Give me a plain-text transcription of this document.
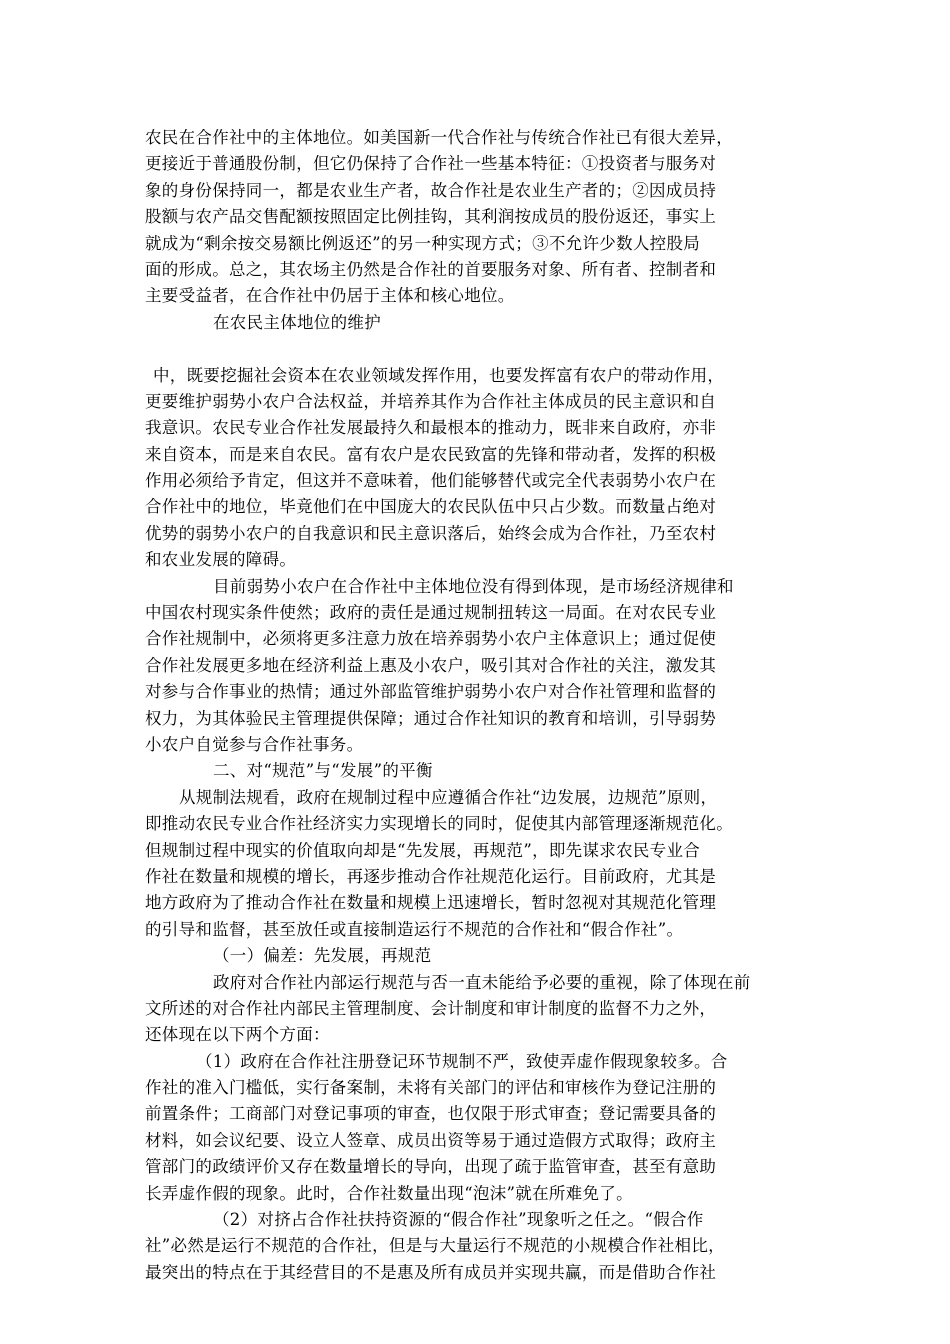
农民在合作社中的主体地位。如美国新一代合作社与传统合作社已有很大差异，
更接近于普通股份制，但它仍保持了合作社一些基本特征：①投资者与服务对
象的身份保持同一，都是农业生产者，故合作社是农业生产者的；②因成员持
股额与农产品交售配额按照固定比例挂钩，其利润按成员的股份返还，事实上
就成为“剩余按交易额比例返还”的另一种实现方式；③不允许少数人控股局
面的形成。总之，其农场主仍然是合作社的首要服务对象、所有者、控制者和
主要受益者，在合作社中仍居于主体和核心地位。
在农民主体地位的维护
中，既要挖掘社会资本在农业领域发挥作用，也要发挥富有农户的带动作用，
更要维护弱势小农户合法权益，并培养其作为合作社主体成员的民主意识和自
我意识。农民专业合作社发展最持久和最根本的推动力，既非来自政府，亦非
来自资本，而是来自农民。富有农户是农民致富的先锋和带动者，发挥的积极
作用必须给予肯定，但这并不意味着，他们能够替代或完全代表弱势小农户在
合作社中的地位，毕竟他们在中国庞大的农民队伍中只占少数。而数量占绝对
优势的弱势小农户的自我意识和民主意识落后，始终会成为合作社，乃至农村
和农业发展的障碍。
目前弱势小农户在合作社中主体地位没有得到体现，是市场经济规律和
中国农村现实条件使然；政府的责任是通过规制扭转这一局面。在对农民专业
合作社规制中，必须将更多注意力放在培养弱势小农户主体意识上；通过促使
合作社发展更多地在经济利益上惠及小农户，吸引其对合作社的关注，激发其
对参与合作事业的热情；通过外部监管维护弱势小农户对合作社管理和监督的
权力，为其体验民主管理提供保障；通过合作社知识的教育和培训，引导弱势
小农户自觉参与合作社事务。
二、对“规范”与“发展”的平衡
从规制法规看，政府在规制过程中应遵循合作社“边发展，边规范”原则，
即推动农民专业合作社经济实力实现增长的同时，促使其内部管理逐渐规范化。
但规制过程中现实的价值取向却是“先发展，再规范”，即先谋求农民专业合
作社在数量和规模的增长，再逐步推动合作社规范化运行。目前政府，尤其是
地方政府为了推动合作社在数量和规模上迅速增长，暂时忽视对其规范化管理
的引导和监督，甚至放任或直接制造运行不规范的合作社和“假合作社”。
（一）偏差：先发展，再规范
政府对合作社内部运行规范与否一直未能给予必要的重视，除了体现在前
文所述的对合作社内部民主管理制度、会计制度和审计制度的监督不力之外，
还体现在以下两个方面：
（1）政府在合作社注册登记环节规制不严，致使弄虚作假现象较多。合
作社的准入门槛低，实行备案制，未将有关部门的评估和审核作为登记注册的
前置条件；工商部门对登记事项的审查，也仅限于形式审查；登记需要具备的
材料，如会议纪要、设立人签章、成员出资等易于通过造假方式取得；政府主
管部门的政绩评价又存在数量增长的导向，出现了疏于监管审查，甚至有意助
长弄虚作假的现象。此时，合作社数量出现“泡沫”就在所难免了。
（2）对挤占合作社扶持资源的“假合作社”现象听之任之。“假合作
社”必然是运行不规范的合作社，但是与大量运行不规范的小规模合作社相比，
最突出的特点在于其经营目的不是惠及所有成员并实现共赢，而是借助合作社
